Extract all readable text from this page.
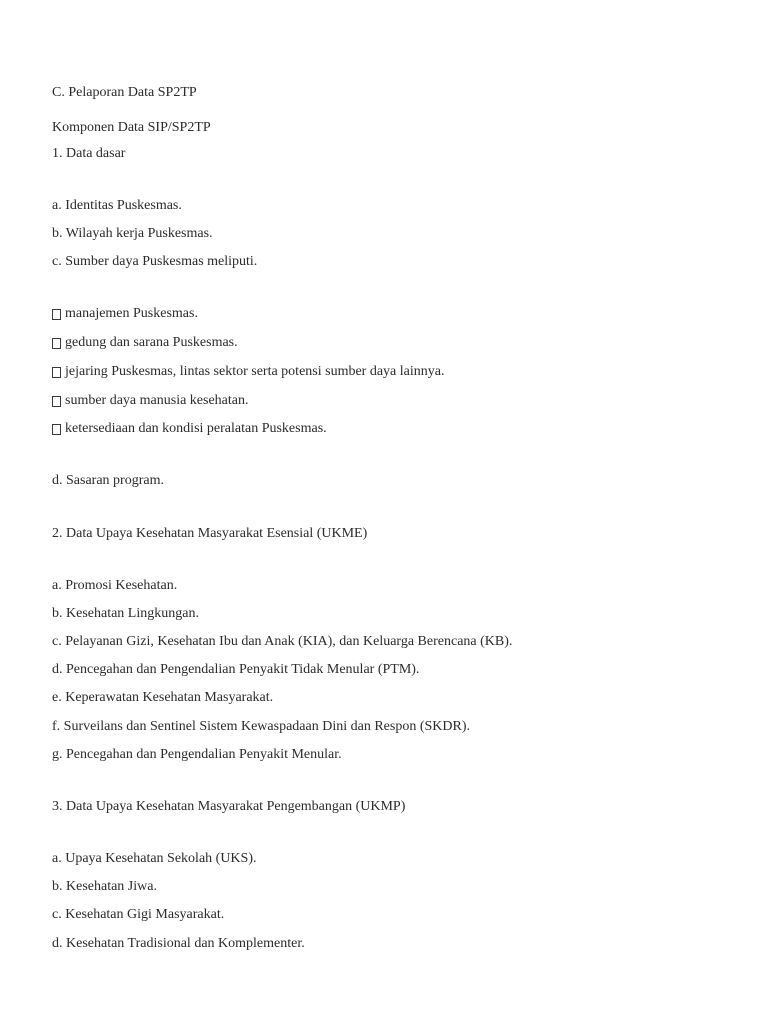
C. Pelaporan Data SP2TP
Komponen Data SIP/SP2TP
1. Data dasar
a. Identitas Puskesmas.
b. Wilayah kerja Puskesmas.
c. Sumber daya Puskesmas meliputi.
manajemen Puskesmas.
gedung dan sarana Puskesmas.
jejaring Puskesmas, lintas sektor serta potensi sumber daya lainnya.
sumber daya manusia kesehatan.
ketersediaan dan kondisi peralatan Puskesmas.
d. Sasaran program.
2. Data Upaya Kesehatan Masyarakat Esensial (UKME)
a. Promosi Kesehatan.
b. Kesehatan Lingkungan.
c. Pelayanan Gizi, Kesehatan Ibu dan Anak (KIA), dan Keluarga Berencana (KB).
d. Pencegahan dan Pengendalian Penyakit Tidak Menular (PTM).
e. Keperawatan Kesehatan Masyarakat.
f. Surveilans dan Sentinel Sistem Kewaspadaan Dini dan Respon (SKDR).
g. Pencegahan dan Pengendalian Penyakit Menular.
3. Data Upaya Kesehatan Masyarakat Pengembangan (UKMP)
a. Upaya Kesehatan Sekolah (UKS).
b. Kesehatan Jiwa.
c. Kesehatan Gigi Masyarakat.
d. Kesehatan Tradisional dan Komplementer.
